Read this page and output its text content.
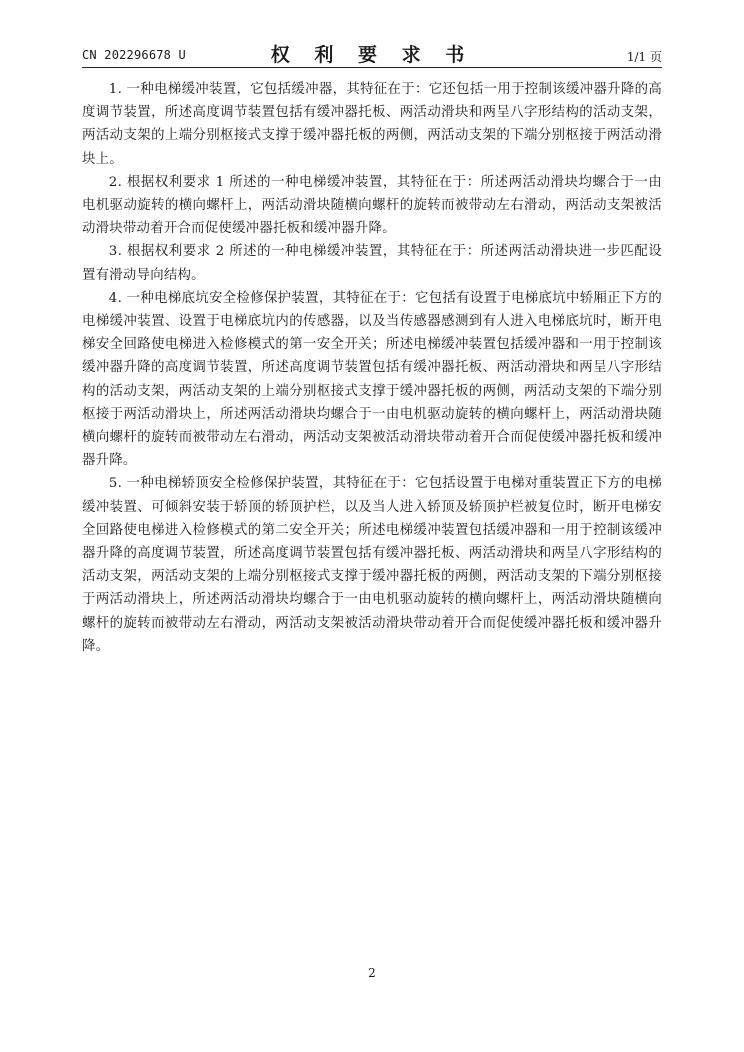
CN 202296678 U	权 利 要 求 书	1/1 页

1. 一种电梯缓冲装置，它包括缓冲器，其特征在于：它还包括一用于控制该缓冲器升降的高度调节装置，所述高度调节装置包括有缓冲器托板、两活动滑块和两呈八字形结构的活动支架，两活动支架的上端分别枢接式支撑于缓冲器托板的两侧，两活动支架的下端分别枢接于两活动滑块上。

2. 根据权利要求 1 所述的一种电梯缓冲装置，其特征在于：所述两活动滑块均螺合于一由电机驱动旋转的横向螺杆上，两活动滑块随横向螺杆的旋转而被带动左右滑动，两活动支架被活动滑块带动着开合而促使缓冲器托板和缓冲器升降。

3. 根据权利要求 2 所述的一种电梯缓冲装置，其特征在于：所述两活动滑块进一步匹配设置有滑动导向结构。

4. 一种电梯底坑安全检修保护装置，其特征在于：它包括有设置于电梯底坑中轿厢正下方的电梯缓冲装置、设置于电梯底坑内的传感器，以及当传感器感测到有人进入电梯底坑时，断开电梯安全回路使电梯进入检修模式的第一安全开关；所述电梯缓冲装置包括缓冲器和一用于控制该缓冲器升降的高度调节装置，所述高度调节装置包括有缓冲器托板、两活动滑块和两呈八字形结构的活动支架，两活动支架的上端分别枢接式支撑于缓冲器托板的两侧，两活动支架的下端分别枢接于两活动滑块上，所述两活动滑块均螺合于一由电机驱动旋转的横向螺杆上，两活动滑块随横向螺杆的旋转而被带动左右滑动，两活动支架被活动滑块带动着开合而促使缓冲器托板和缓冲器升降。

5. 一种电梯轿顶安全检修保护装置，其特征在于：它包括设置于电梯对重装置正下方的电梯缓冲装置、可倾斜安装于轿顶的轿顶护栏，以及当人进入轿顶及轿顶护栏被复位时，断开电梯安全回路使电梯进入检修模式的第二安全开关；所述电梯缓冲装置包括缓冲器和一用于控制该缓冲器升降的高度调节装置，所述高度调节装置包括有缓冲器托板、两活动滑块和两呈八字形结构的活动支架，两活动支架的上端分别枢接式支撑于缓冲器托板的两侧，两活动支架的下端分别枢接于两活动滑块上，所述两活动滑块均螺合于一由电机驱动旋转的横向螺杆上，两活动滑块随横向螺杆的旋转而被带动左右滑动，两活动支架被活动滑块带动着开合而促使缓冲器托板和缓冲器升降。

2
